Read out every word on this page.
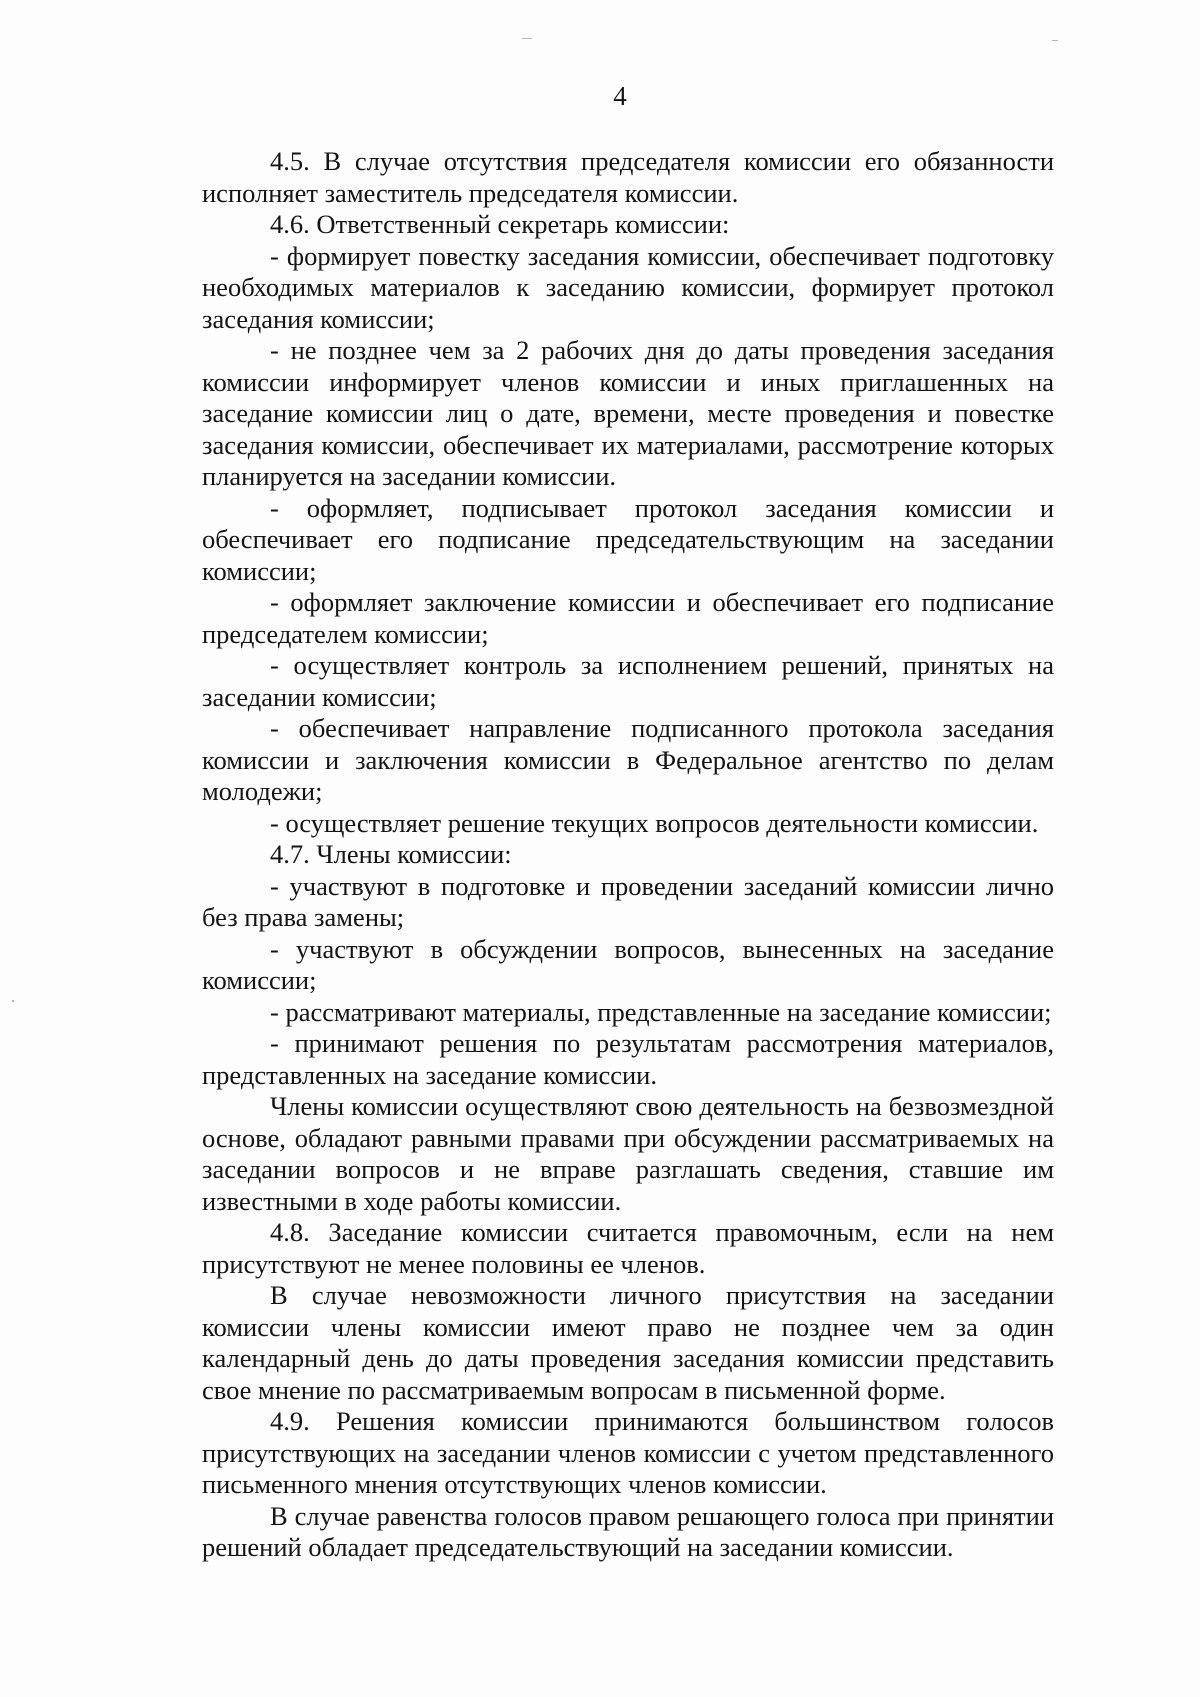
4

4.5. В случае отсутствия председателя комиссии его обязанности исполняет заместитель председателя комиссии.

4.6. Ответственный секретарь комиссии:

- формирует повестку заседания комиссии, обеспечивает подготовку необходимых материалов к заседанию комиссии, формирует протокол заседания комиссии;

- не позднее чем за 2 рабочих дня до даты проведения заседания комиссии информирует членов комиссии и иных приглашенных на заседание комиссии лиц о дате, времени, месте проведения и повестке заседания комиссии, обеспечивает их материалами, рассмотрение которых планируется на заседании комиссии.

- оформляет, подписывает протокол заседания комиссии и обеспечивает его подписание председательствующим на заседании комиссии;

- оформляет заключение комиссии и обеспечивает его подписание председателем комиссии;

- осуществляет контроль за исполнением решений, принятых на заседании комиссии;

- обеспечивает направление подписанного протокола заседания комиссии и заключения комиссии в Федеральное агентство по делам молодежи;

- осуществляет решение текущих вопросов деятельности комиссии.

4.7. Члены комиссии:

- участвуют в подготовке и проведении заседаний комиссии лично без права замены;

- участвуют в обсуждении вопросов, вынесенных на заседание комиссии;

- рассматривают материалы, представленные на заседание комиссии;

- принимают решения по результатам рассмотрения материалов, представленных на заседание комиссии.

Члены комиссии осуществляют свою деятельность на безвозмездной основе, обладают равными правами при обсуждении рассматриваемых на заседании вопросов и не вправе разглашать сведения, ставшие им известными в ходе работы комиссии.

4.8. Заседание комиссии считается правомочным, если на нем присутствуют не менее половины ее членов.

В случае невозможности личного присутствия на заседании комиссии члены комиссии имеют право не позднее чем за один календарный день до даты проведения заседания комиссии представить свое мнение по рассматриваемым вопросам в письменной форме.

4.9. Решения комиссии принимаются большинством голосов присутствующих на заседании членов комиссии с учетом представленного письменного мнения отсутствующих членов комиссии.

В случае равенства голосов правом решающего голоса при принятии решений обладает председательствующий на заседании комиссии.
